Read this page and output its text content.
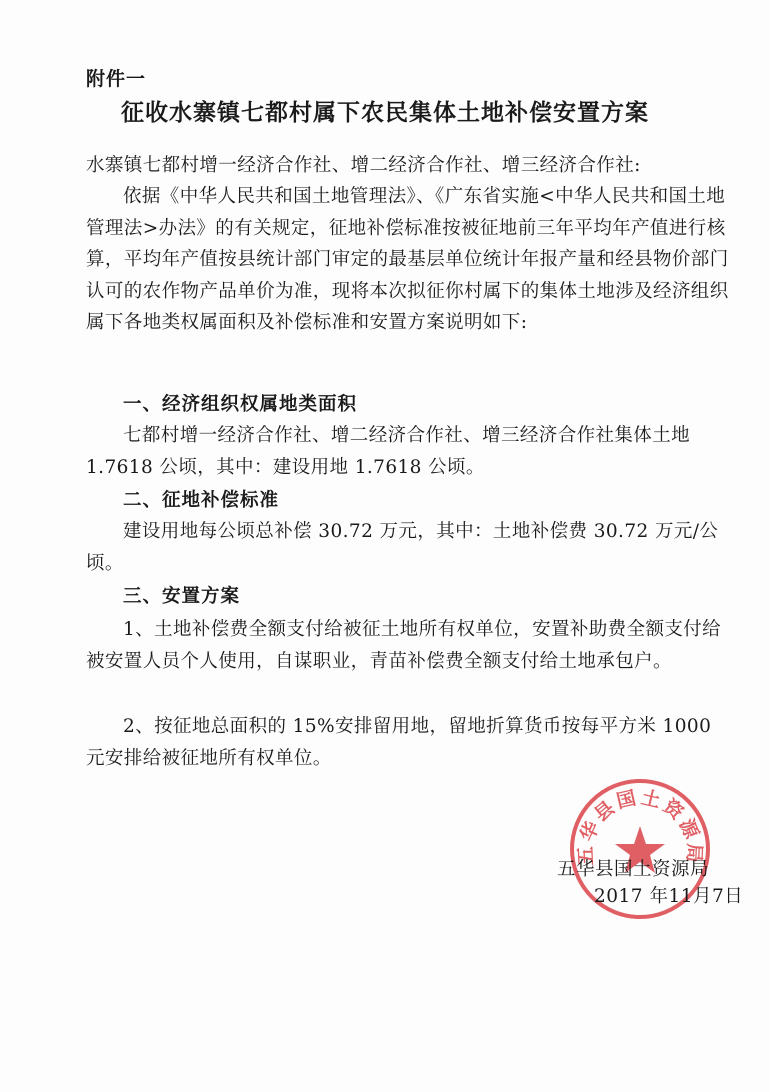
附件一
征收水寨镇七都村属下农民集体土地补偿安置方案

水寨镇七都村增一经济合作社、增二经济合作社、增三经济合作社:

依据《中华人民共和国土地管理法》、《广东省实施<中华人民共和国土地管理法>办法》的有关规定，征地补偿标准按被征地前三年平均年产值进行核算，平均年产值按县统计部门审定的最基层单位统计年报产量和经县物价部门认可的农作物产品单价为准，现将本次拟征你村属下的集体土地涉及经济组织属下各地类权属面积及补偿标准和安置方案说明如下:

一、经济组织权属地类面积

七都村增一经济合作社、增二经济合作社、增三经济合作社集体土地 1.7618 公顷，其中：建设用地 1.7618 公顷。

二、征地补偿标准

建设用地每公顷总补偿 30.72 万元，其中：土地补偿费 30.72 万元/公顷。

三、安置方案

1、土地补偿费全额支付给被征土地所有权单位，安置补助费全额支付给被安置人员个人使用，自谋职业，青苗补偿费全额支付给土地承包户。

2、按征地总面积的 15%安排留用地，留地折算货币按每平方米 1000 元安排给被征地所有权单位。

五华县国土资源局
五华县国土资源局
2017 年11月7日
